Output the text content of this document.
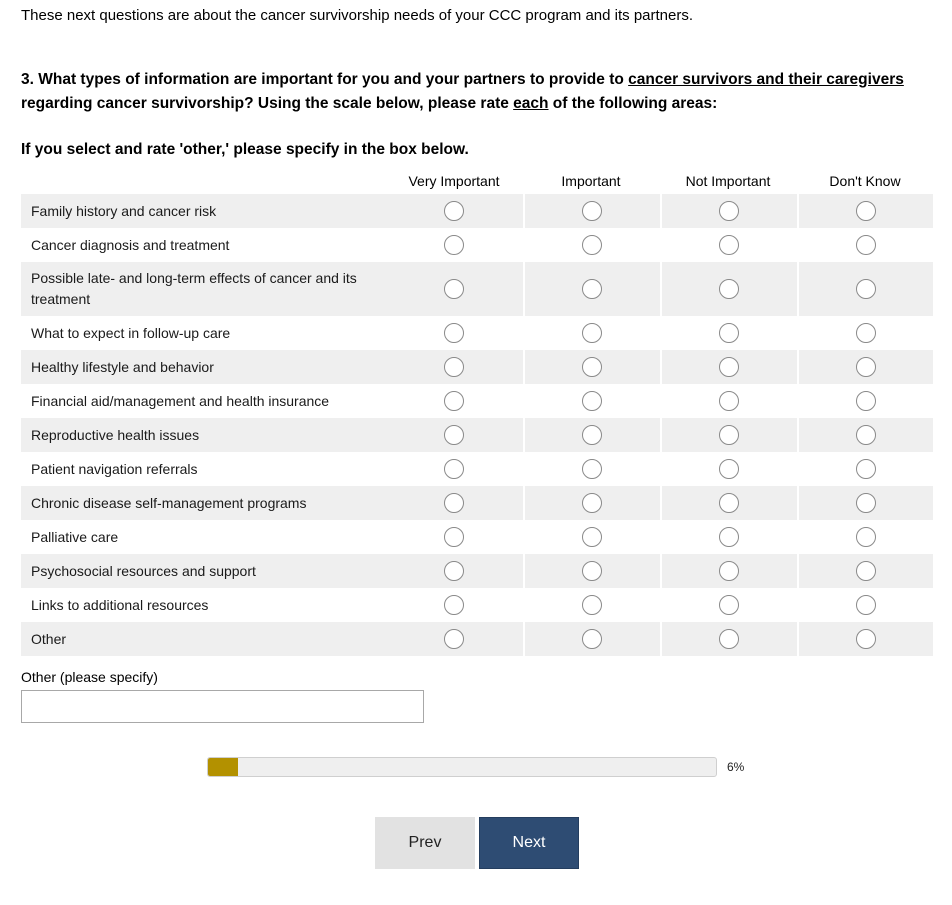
These next questions are about the cancer survivorship needs of your CCC program and its partners.
3. What types of information are important for you and your partners to provide to cancer survivors and their caregivers regarding cancer survivorship? Using the scale below, please rate each of the following areas:
If you select and rate 'other,' please specify in the box below.
Very Important	Important	Not Important	Don't Know
Family history and cancer risk
Cancer diagnosis and treatment
Possible late- and long-term effects of cancer and its treatment
What to expect in follow-up care
Healthy lifestyle and behavior
Financial aid/management and health insurance
Reproductive health issues
Patient navigation referrals
Chronic disease self-management programs
Palliative care
Psychosocial resources and support
Links to additional resources
Other
Other (please specify)
6%
Prev	Next
